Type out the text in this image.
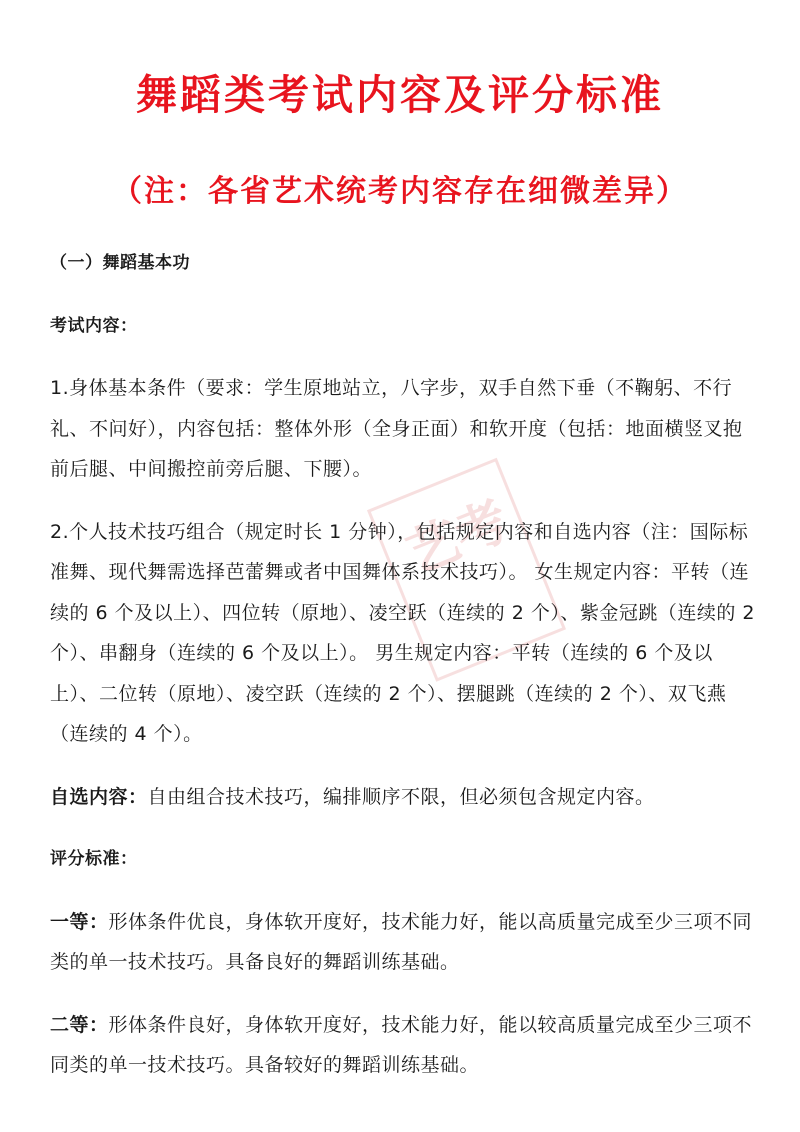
舞蹈类考试内容及评分标准
（注：各省艺术统考内容存在细微差异）
艺考

（一）舞蹈基本功

考试内容：

1.身体基本条件（要求：学生原地站立，八字步，双手自然下垂（不鞠躬、不行礼、不问好），内容包括：整体外形（全身正面）和软开度（包括：地面横竖叉抱 前后腿、中间搬控前旁后腿、下腰）。

2.个人技术技巧组合（规定时长 1 分钟），包括规定内容和自选内容（注：国际标 准舞、现代舞需选择芭蕾舞或者中国舞体系技术技巧）。 女生规定内容：平转（连续的 6 个及以上）、四位转（原地）、凌空跃（连续的 2 个）、紫金冠跳（连续的 2 个）、串翻身（连续的 6 个及以上）。 男生规定内容：平转（连续的 6 个及以上）、二位转（原地）、凌空跃（连续的 2 个）、摆腿跳（连续的 2 个）、双飞燕（连续的 4 个）。

自选内容：自由组合技术技巧，编排顺序不限，但必须包含规定内容。

评分标准：

一等：形体条件优良，身体软开度好，技术能力好，能以高质量完成至少三项不同类的单一技术技巧。具备良好的舞蹈训练基础。

二等：形体条件良好，身体软开度好，技术能力好，能以较高质量完成至少三项不同类的单一技术技巧。具备较好的舞蹈训练基础。
